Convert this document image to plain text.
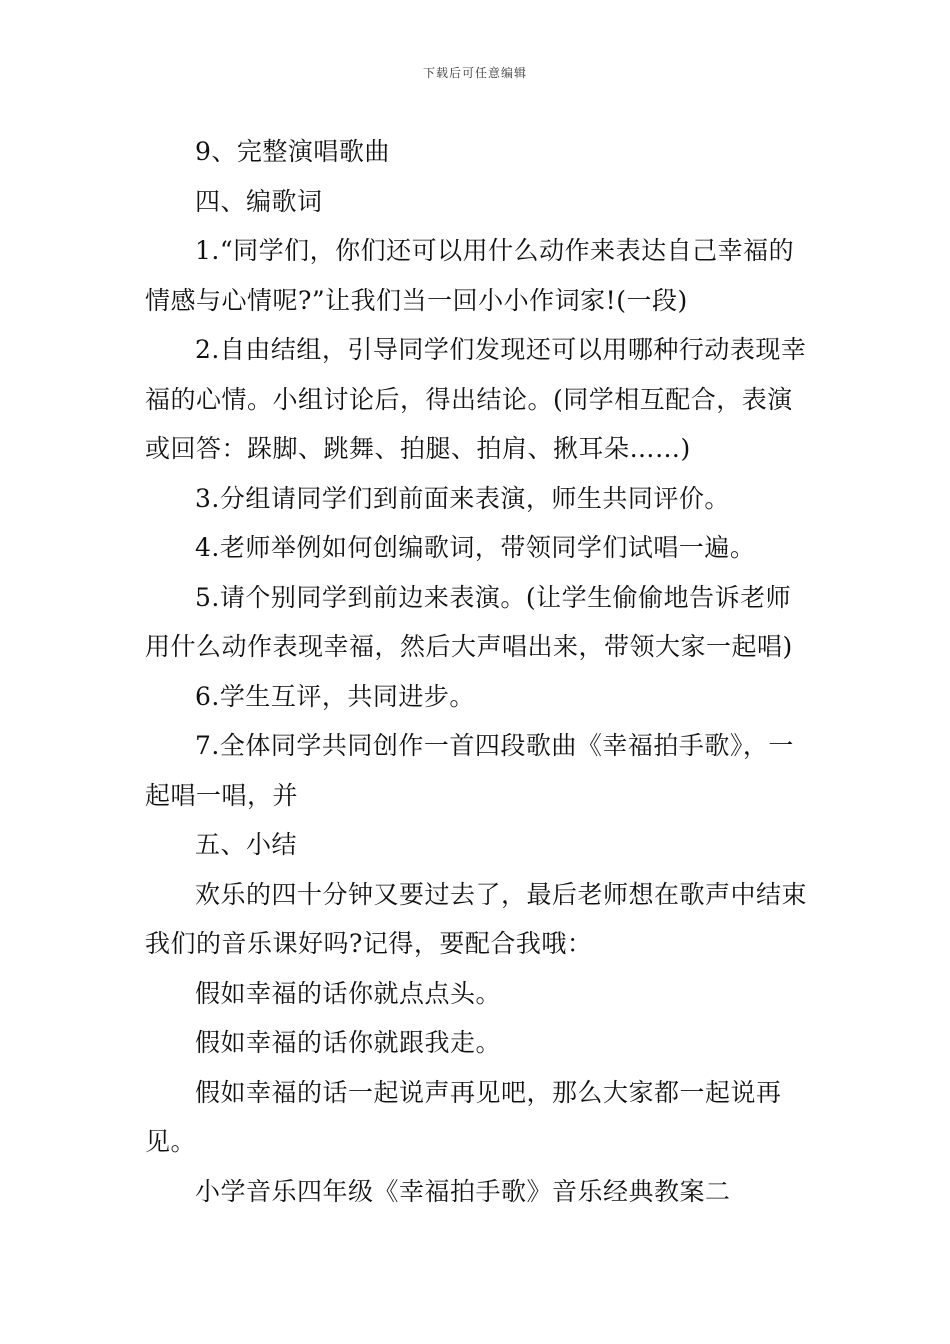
下载后可任意编辑

9、完整演唱歌曲

四、编歌词

1.“同学们，你们还可以用什么动作来表达自己幸福的情感与心情呢?”让我们当一回小小作词家!(一段)

2.自由结组，引导同学们发现还可以用哪种行动表现幸福的心情。小组讨论后，得出结论。(同学相互配合，表演或回答：跺脚、跳舞、拍腿、拍肩、揪耳朵……)

3.分组请同学们到前面来表演，师生共同评价。

4.老师举例如何创编歌词，带领同学们试唱一遍。

5.请个别同学到前边来表演。(让学生偷偷地告诉老师用什么动作表现幸福，然后大声唱出来，带领大家一起唱)

6.学生互评，共同进步。

7.全体同学共同创作一首四段歌曲《幸福拍手歌》，一起唱一唱，并

五、小结

欢乐的四十分钟又要过去了，最后老师想在歌声中结束我们的音乐课好吗?记得，要配合我哦：

假如幸福的话你就点点头。

假如幸福的话你就跟我走。

假如幸福的话一起说声再见吧，那么大家都一起说再见。

小学音乐四年级《幸福拍手歌》音乐经典教案二
